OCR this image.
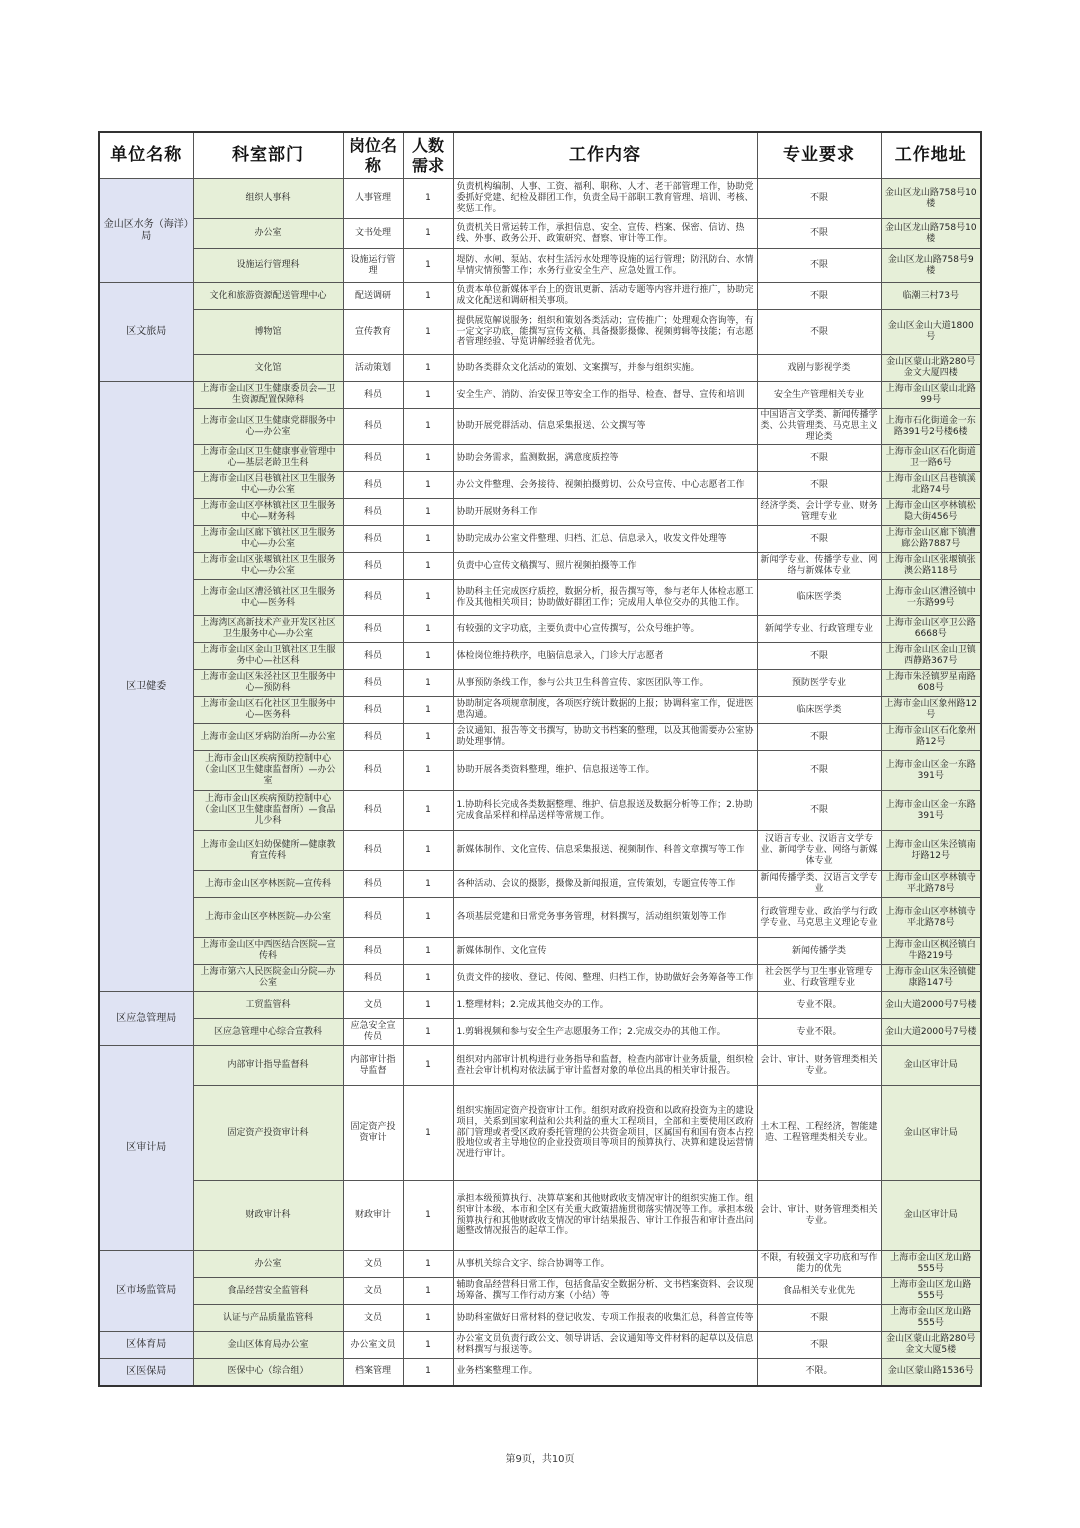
单位名称	科室部门	岗位名称	人数需求	工作内容	专业要求	工作地址
金山区水务（海洋）局	组织人事科	人事管理	1	负责机构编制、人事、工资、福利、职称、人才、老干部管理工作，协助党委抓好党建、纪检及群团工作，负责全局干部职工教育管理、培训、考核、奖惩工作。	不限	金山区龙山路758号10楼
	办公室	文书处理	1	负责机关日常运转工作，承担信息、安全、宣传、档案、保密、信访、热线、外事、政务公开、政策研究、督察、审计等工作。	不限	金山区龙山路758号10楼
	设施运行管理科	设施运行管理	1	堤防、水闸、泵站、农村生活污水处理等设施的运行管理；防汛防台、水情旱情灾情预警工作；水务行业安全生产、应急处置工作。	不限	金山区龙山路758号9楼
区文旅局	文化和旅游资源配送管理中心	配送调研	1	负责本单位新媒体平台上的资讯更新、活动专题等内容并进行推广，协助完成文化配送和调研相关事项。	不限	临潮三村73号
	博物馆	宣传教育	1	提供展览解说服务；组织和策划各类活动；宣传推广；处理观众咨询等，有一定文字功底，能撰写宣传文稿、具备摄影摄像、视频剪辑等技能；有志愿者管理经验、导览讲解经验者优先。	不限	金山区金山大道1800号
	文化馆	活动策划	1	协助各类群众文化活动的策划、文案撰写，并参与组织实施。	戏剧与影视学类	金山区蒙山北路280号金文大厦四楼
区卫健委	上海市金山区卫生健康委员会—卫生资源配置保障科	科员	1	安全生产、消防、治安保卫等安全工作的指导、检查、督导、宣传和培训	安全生产管理相关专业	上海市金山区蒙山北路99号
	上海市金山区卫生健康党群服务中心—办公室	科员	1	协助开展党群活动、信息采集报送、公文撰写等	中国语言文学类、新闻传播学类、公共管理类、马克思主义理论类	上海市石化街道金一东路391号2号楼6楼
	上海市金山区卫生健康事业管理中心—基层老龄卫生科	科员	1	协助会务需求，监测数据，满意度质控等	不限	上海市金山区石化街道卫一路6号
	上海市金山区吕巷镇社区卫生服务中心—办公室	科员	1	办公文件整理、会务接待、视频拍摄剪切、公众号宣传、中心志愿者工作	不限	上海市金山区吕巷镇溪北路74号
	上海市金山区亭林镇社区卫生服务中心—财务科	科员	1	协助开展财务科工作	经济学类、会计学专业、财务管理专业	上海市金山区亭林镇松隐大街456号
	上海市金山区廊下镇社区卫生服务中心—办公室	科员	1	协助完成办公室文件整理、归档、汇总、信息录入，收发文件处理等	不限	上海市金山区廊下镇漕廊公路7887号
	上海市金山区张堰镇社区卫生服务中心—办公室	科员	1	负责中心宣传文稿撰写、照片视频拍摄等工作	新闻学专业、传播学专业、网络与新媒体专业	上海市金山区张堰镇张澳公路118号
	上海市金山区漕泾镇社区卫生服务中心—医务科	科员	1	协助科主任完成医疗质控，数据分析，报告撰写等，参与老年人体检志愿工作及其他相关项目；协助做好群团工作；完成用人单位交办的其他工作。	临床医学类	上海市金山区漕泾镇中一东路99号
	上海湾区高新技术产业开发区社区卫生服务中心—办公室	科员	1	有较强的文字功底，主要负责中心宣传撰写，公众号维护等。	新闻学专业、行政管理专业	上海市金山区亭卫公路6668号
	上海市金山区金山卫镇社区卫生服务中心—社区科	科员	1	体检岗位维持秩序，电脑信息录入，门诊大厅志愿者	不限	上海市金山区金山卫镇西静路367号
	上海市金山区朱泾社区卫生服务中心—预防科	科员	1	从事预防条线工作，参与公共卫生科普宣传、家医团队等工作。	预防医学专业	上海市朱泾镇罗星南路608号
	上海市金山区石化社区卫生服务中心—医务科	科员	1	协助制定各项规章制度，各项医疗统计数据的上报；协调科室工作，促进医患沟通。	临床医学类	上海市金山区象州路12号
	上海市金山区牙病防治所—办公室	科员	1	会议通知、报告等文书撰写，协助文书档案的整理，以及其他需要办公室协助处理事情。	不限	上海市金山区石化象州路12号
	上海市金山区疾病预防控制中心（金山区卫生健康监督所）—办公室	科员	1	协助开展各类资料整理，维护、信息报送等工作。	不限	上海市金山区金一东路391号
	上海市金山区疾病预防控制中心（金山区卫生健康监督所）—食品儿少科	科员	1	1.协助科长完成各类数据整理、维护、信息报送及数据分析等工作；2.协助完成食品采样和样品送样等常规工作。	不限	上海市金山区金一东路391号
	上海市金山区妇幼保健所—健康教育宣传科	科员	1	新媒体制作、文化宣传、信息采集报送、视频制作、科普文章撰写等工作	汉语言专业、汉语言文学专业、新闻学专业、网络与新媒体专业	上海市金山区朱泾镇南圩路12号
	上海市金山区亭林医院—宣传科	科员	1	各种活动、会议的摄影，摄像及新闻报道，宣传策划，专题宣传等工作	新闻传播学类、汉语言文学专业	上海市金山区亭林镇寺平北路78号
	上海市金山区亭林医院—办公室	科员	1	各项基层党建和日常党务事务管理，材料撰写，活动组织策划等工作	行政管理专业、政治学与行政学专业、马克思主义理论专业	上海市金山区亭林镇寺平北路78号
	上海市金山区中西医结合医院—宣传科	科员	1	新媒体制作、文化宣传	新闻传播学类	上海市金山区枫泾镇白牛路219号
	上海市第六人民医院金山分院—办公室	科员	1	负责文件的接收、登记、传阅、整理、归档工作，协助做好会务筹备等工作	社会医学与卫生事业管理专业、行政管理专业	上海市金山区朱泾镇健康路147号
区应急管理局	工贸监管科	文员	1	1.整理材料；2.完成其他交办的工作。	专业不限。	金山大道2000号7号楼
	区应急管理中心综合宣教科	应急安全宣传员	1	1.剪辑视频和参与安全生产志愿服务工作；2.完成交办的其他工作。	专业不限。	金山大道2000号7号楼
区审计局	内部审计指导监督科	内部审计指导监督	1	组织对内部审计机构进行业务指导和监督，检查内部审计业务质量，组织检查社会审计机构对依法属于审计监督对象的单位出具的相关审计报告。	会计、审计、财务管理类相关专业。	金山区审计局
	固定资产投资审计科	固定资产投资审计	1	组织实施固定资产投资审计工作。组织对政府投资和以政府投资为主的建设项目，关系到国家利益和公共利益的重大工程项目，全部和主要使用区政府部门管理或者受区政府委托管理的公共资金项目，区属国有和国有资本占控股地位或者主导地位的企业投资项目等项目的预算执行、决算和建设运营情况进行审计。	土木工程、工程经济，智能建造、工程管理类相关专业。	金山区审计局
	财政审计科	财政审计	1	承担本级预算执行、决算草案和其他财政收支情况审计的组织实施工作。组织审计本级、本市和全区有关重大政策措施贯彻落实情况等工作。承担本级预算执行和其他财政收支情况的审计结果报告、审计工作报告和审计查出问题整改情况报告的起草工作。	会计、审计、财务管理类相关专业。	金山区审计局
区市场监管局	办公室	文员	1	从事机关综合文字、综合协调等工作。	不限，有较强文字功底和写作能力的优先	上海市金山区龙山路555号
	食品经营安全监管科	文员	1	辅助食品经营科日常工作，包括食品安全数据分析、文书档案资料、会议现场筹备、撰写工作行动方案（小结）等	食品相关专业优先	上海市金山区龙山路555号
	认证与产品质量监管科	文员	1	协助科室做好日常材料的登记收发、专项工作报表的收集汇总，科普宣传等	不限	上海市金山区龙山路555号
区体育局	金山区体育局办公室	办公室文员	1	办公室文员负责行政公文、领导讲话、会议通知等文件材料的起草以及信息材料撰写与报送等。	不限	金山区蒙山北路280号金文大厦5楼
区医保局	医保中心（综合组）	档案管理	1	业务档案整理工作。	不限。	金山区蒙山路1536号
第9页，共10页
